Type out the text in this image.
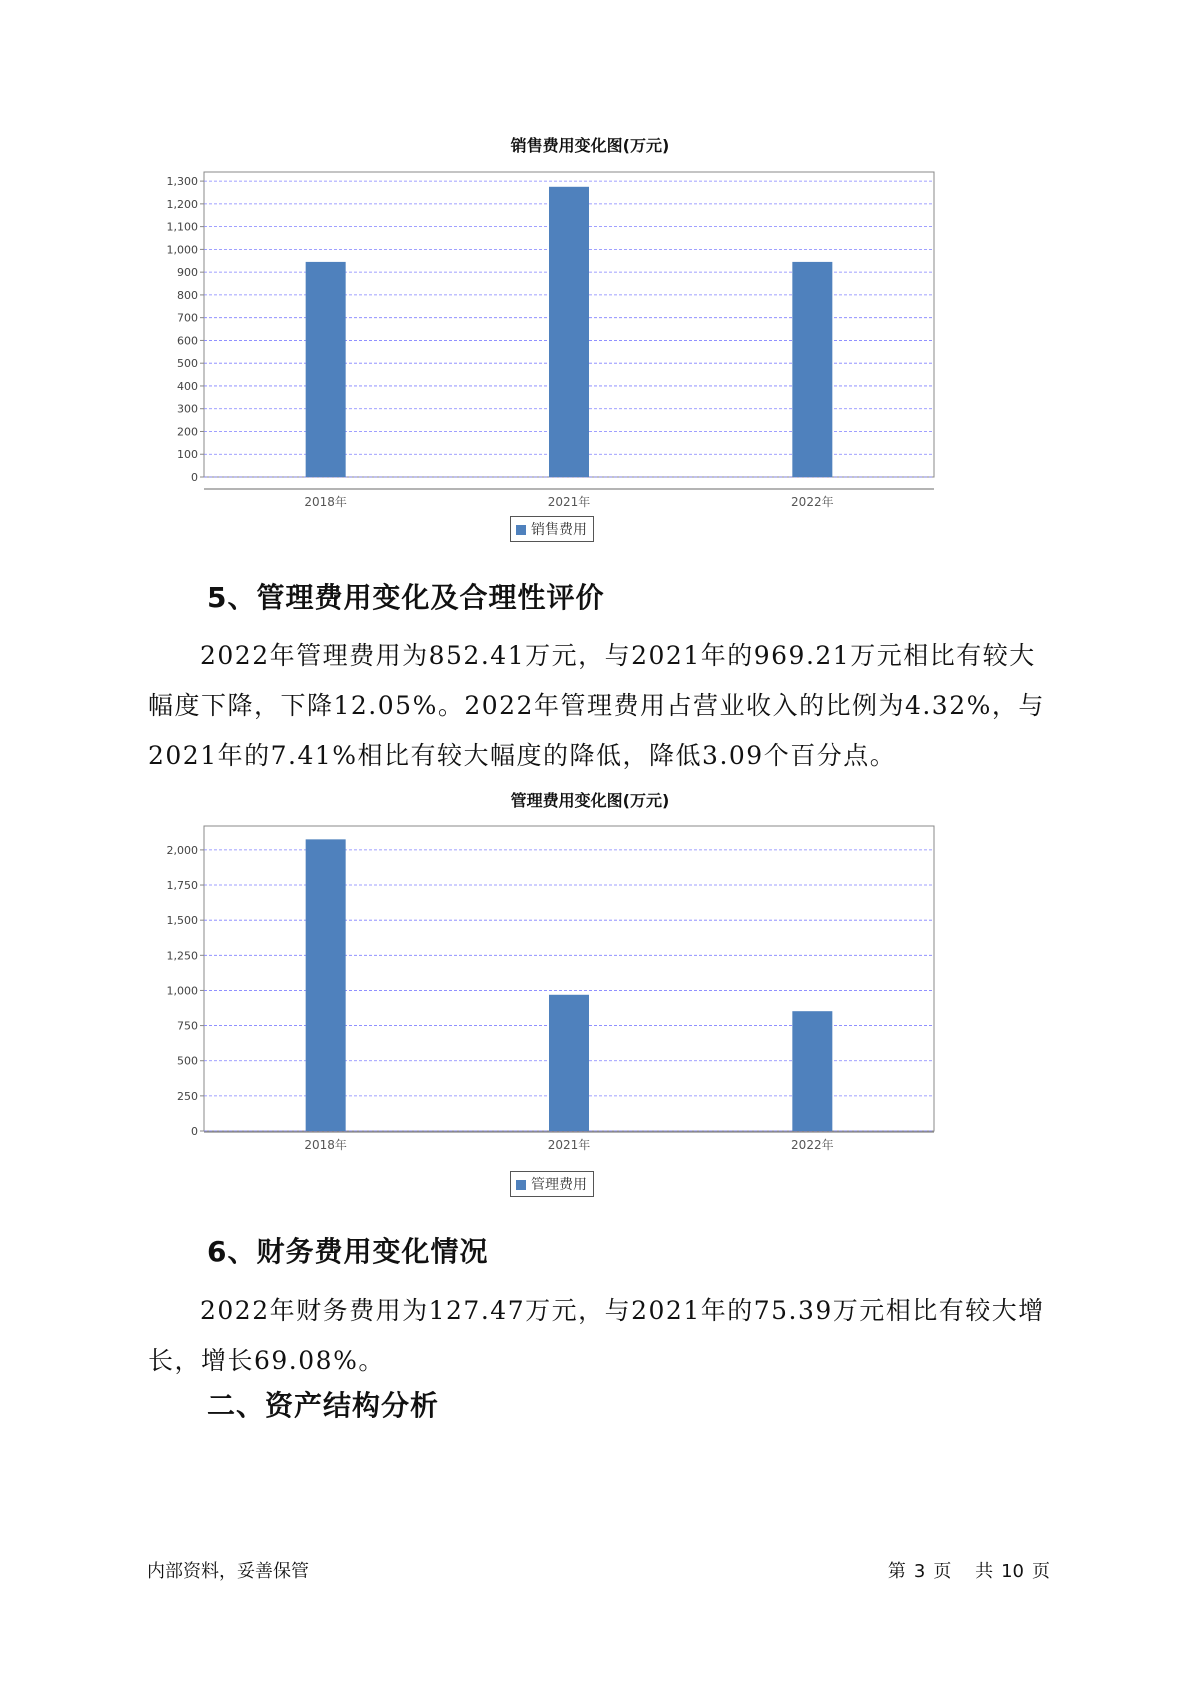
销售费用变化图(万元)
0
100
200
300
400
500
600
700
800
900
1,000
1,100
1,200
1,300
2018年	2021年	2022年
销售费用
5、管理费用变化及合理性评价
2022年管理费用为852.41万元，与2021年的969.21万元相比有较大幅度下降，下降12.05%。2022年管理费用占营业收入的比例为4.32%，与2021年的7.41%相比有较大幅度的降低，降低3.09个百分点。
管理费用变化图(万元)
0
250
500
750
1,000
1,250
1,500
1,750
2,000
2018年	2021年	2022年
管理费用
6、财务费用变化情况
2022年财务费用为127.47万元，与2021年的75.39万元相比有较大增长，增长69.08%。
二、资产结构分析
内部资料，妥善保管	第 3 页 共 10 页
